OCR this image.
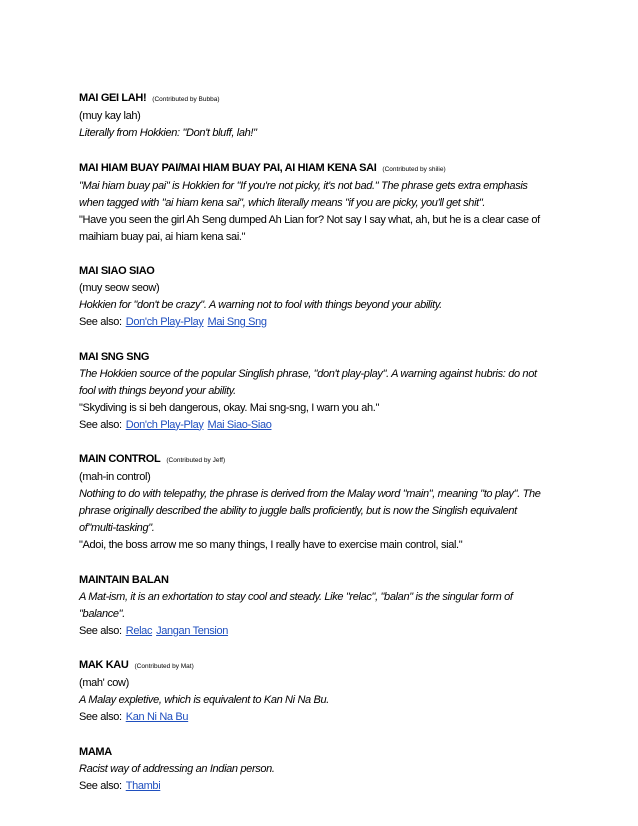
MAI GEI LAH! (Contributed by Bubba)
(muy kay lah)
Literally from Hokkien: "Don't bluff, lah!"
MAI HIAM BUAY PAI/MAI HIAM BUAY PAI, AI HIAM KENA SAI (Contributed by shilie)
"Mai hiam buay pai" is Hokkien for "If you're not picky, it's not bad." The phrase gets extra emphasis
when tagged with "ai hiam kena sai", which literally means "if you are picky, you'll get shit".
"Have you seen the girl Ah Seng dumped Ah Lian for? Not say I say what, ah, but he is a clear case of
maihiam buay pai, ai hiam kena sai."
MAI SIAO SIAO
(muy seow seow)
Hokkien for "don't be crazy". A warning not to fool with things beyond your ability.
See also: Don'ch Play-Play Mai Sng Sng
MAI SNG SNG
The Hokkien source of the popular Singlish phrase, "don't play-play". A warning against hubris: do not
fool with things beyond your ability.
"Skydiving is si beh dangerous, okay. Mai sng-sng, I warn you ah."
See also: Don'ch Play-Play Mai Siao-Siao
MAIN CONTROL (Contributed by Jeff)
(mah-in control)
Nothing to do with telepathy, the phrase is derived from the Malay word "main", meaning "to play". The
phrase originally described the ability to juggle balls proficiently, but is now the Singlish equivalent
of"multi-tasking".
"Adoi, the boss arrow me so many things, I really have to exercise main control, sial."
MAINTAIN BALAN
A Mat-ism, it is an exhortation to stay cool and steady. Like "relac", "balan" is the singular form of
"balance".
See also: Relac Jangan Tension
MAK KAU (Contributed by Mat)
(mah' cow)
A Malay expletive, which is equivalent to Kan Ni Na Bu.
See also: Kan Ni Na Bu
MAMA
Racist way of addressing an Indian person.
See also: Thambi
